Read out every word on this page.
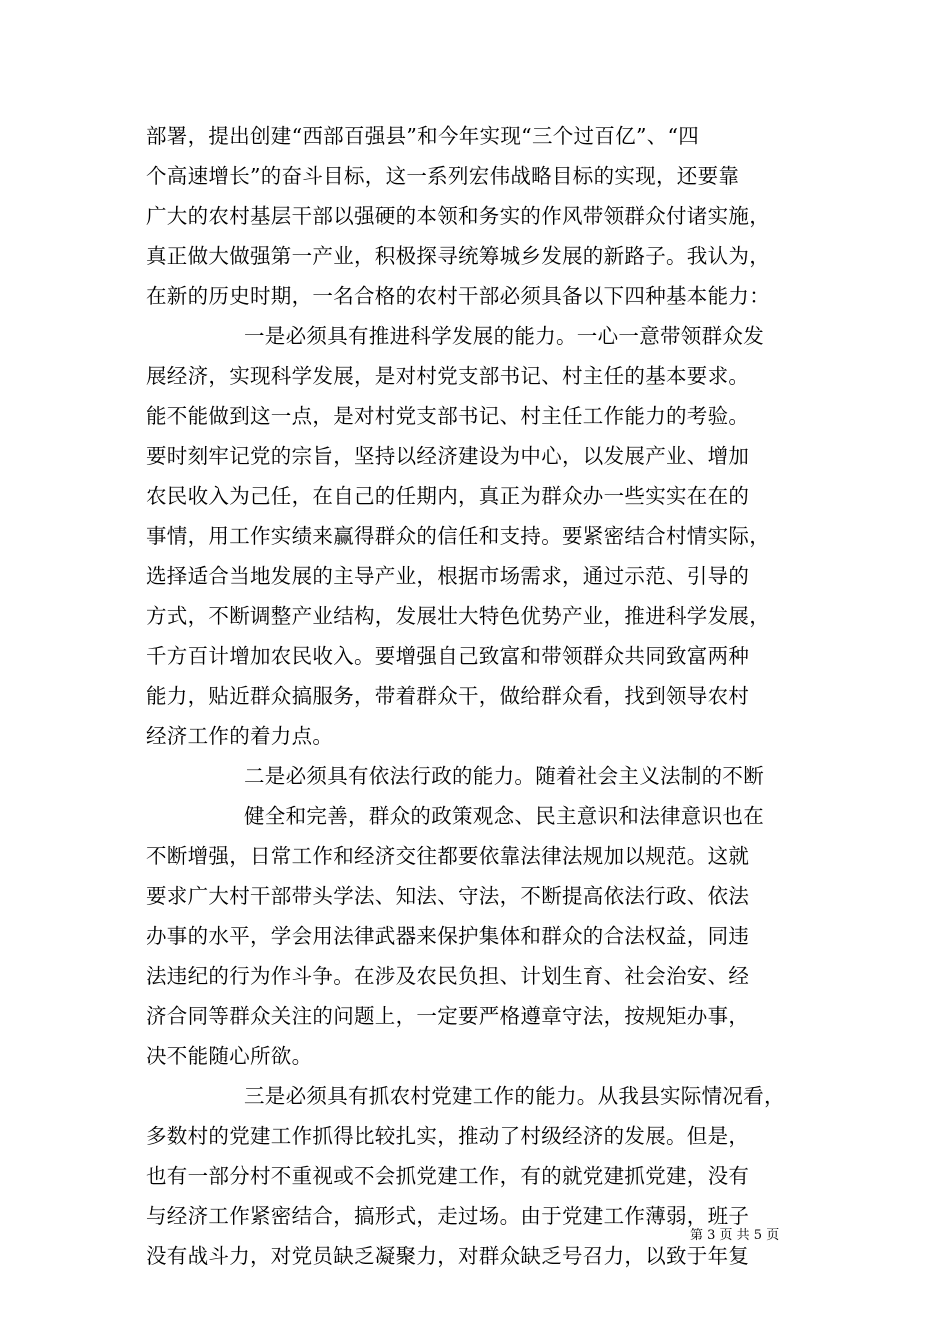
部署，提出创建“西部百强县”和今年实现“三个过百亿”、“四
个高速增长”的奋斗目标，这一系列宏伟战略目标的实现，还要靠
广大的农村基层干部以强硬的本领和务实的作风带领群众付诸实施，
真正做大做强第一产业，积极探寻统筹城乡发展的新路子。我认为，
在新的历史时期，一名合格的农村干部必须具备以下四种基本能力：
一是必须具有推进科学发展的能力。一心一意带领群众发
展经济，实现科学发展，是对村党支部书记、村主任的基本要求。
能不能做到这一点，是对村党支部书记、村主任工作能力的考验。
要时刻牢记党的宗旨，坚持以经济建设为中心，以发展产业、增加
农民收入为己任，在自己的任期内，真正为群众办一些实实在在的
事情，用工作实绩来赢得群众的信任和支持。要紧密结合村情实际，
选择适合当地发展的主导产业，根据市场需求，通过示范、引导的
方式，不断调整产业结构，发展壮大特色优势产业，推进科学发展，
千方百计增加农民收入。要增强自己致富和带领群众共同致富两种
能力，贴近群众搞服务，带着群众干，做给群众看，找到领导农村
经济工作的着力点。
二是必须具有依法行政的能力。随着社会主义法制的不断
健全和完善，群众的政策观念、民主意识和法律意识也在
不断增强，日常工作和经济交往都要依靠法律法规加以规范。这就
要求广大村干部带头学法、知法、守法，不断提高依法行政、依法
办事的水平，学会用法律武器来保护集体和群众的合法权益，同违
法违纪的行为作斗争。在涉及农民负担、计划生育、社会治安、经
济合同等群众关注的问题上，一定要严格遵章守法，按规矩办事，
决不能随心所欲。
三是必须具有抓农村党建工作的能力。从我县实际情况看，
多数村的党建工作抓得比较扎实，推动了村级经济的发展。但是，
也有一部分村不重视或不会抓党建工作，有的就党建抓党建，没有
与经济工作紧密结合，搞形式，走过场。由于党建工作薄弱，班子
没有战斗力，对党员缺乏凝聚力，对群众缺乏号召力，以致于年复
第 3 页 共 5 页
